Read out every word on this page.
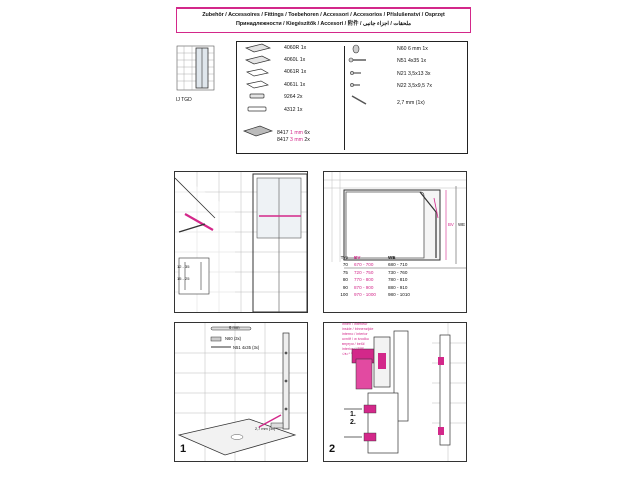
Zubehör / Accessoires / Fittings / Toebehoren / Accessori / Accesorios / Příslušenství / Osprzęt
Принадлежности / Kiegészítők / Accesori / 附件 / ملحقات / اجزاء جانبی
IJ TGD
4060R 1x
4060L 1x
4061R 1x
4061L 1x
9264 2x
4312 1x
8417 1 mm 6x
8417 3 mm 2x
N60 6 mm 1x
N51 4x35 1x
N21 3,5x13 3x
N22 3,5x9,5 7x
2,7 mm (1x)
12 - 35
15 - 25
BV WE
Typ	BV	WE
70	670 - 700	680 - 710
75	720 - 750	730 - 760
80	770 - 800	780 - 810
90	870 - 900	880 - 910
100	970 - 1000	980 - 1010
6 mm
N60 (3x)
N51 4x35 (3x)
2,7 mm (1x)
1	2
1.
2.
innen / intérieur
inside / binnenzijde
interno / interior
uvnitř / w środku
внутри / belül
interior / 内侧
داخل / درون
